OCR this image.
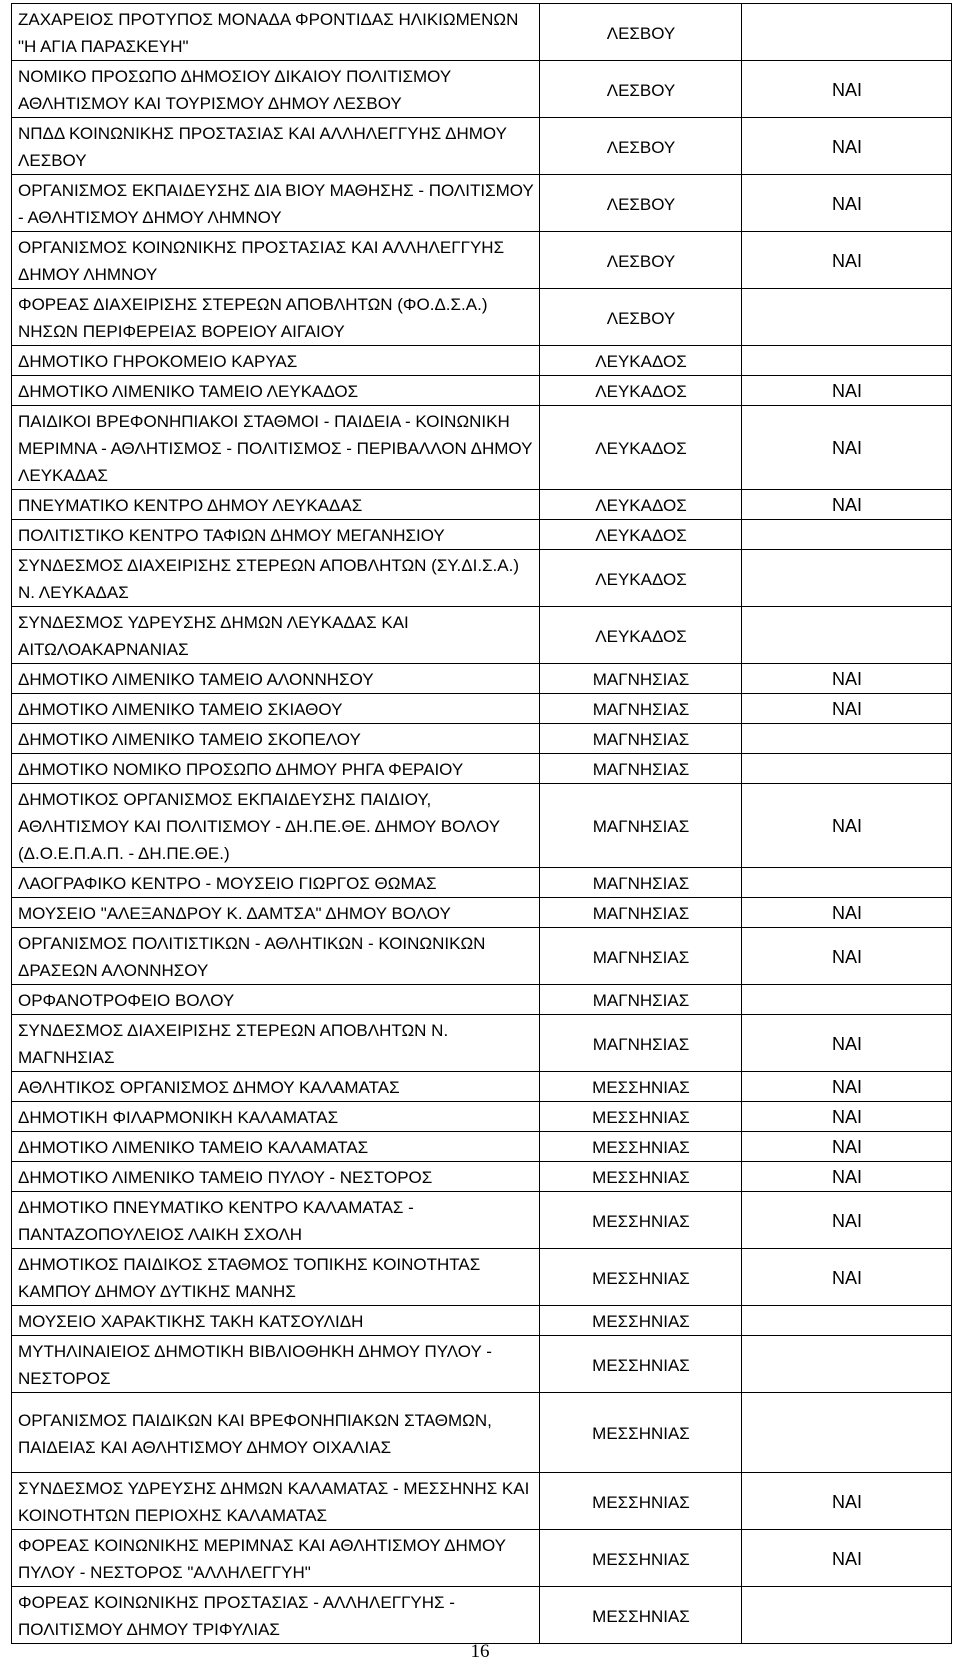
ΖΑΧΑΡΕΙΟΣ ΠΡΟΤΥΠΟΣ ΜΟΝΑΔΑ ΦΡΟΝΤΙΔΑΣ ΗΛΙΚΙΩΜΕΝΩΝ "Η ΑΓΙΑ ΠΑΡΑΣΚΕΥΗ"	ΛΕΣΒΟΥ	
ΝΟΜΙΚΟ ΠΡΟΣΩΠΟ ΔΗΜΟΣΙΟΥ ΔΙΚΑΙΟΥ ΠΟΛΙΤΙΣΜΟΥ ΑΘΛΗΤΙΣΜΟΥ ΚΑΙ ΤΟΥΡΙΣΜΟΥ ΔΗΜΟΥ ΛΕΣΒΟΥ	ΛΕΣΒΟΥ	ΝΑΙ
ΝΠΔΔ ΚΟΙΝΩΝΙΚΗΣ ΠΡΟΣΤΑΣΙΑΣ ΚΑΙ ΑΛΛΗΛΕΓΓΥΗΣ ΔΗΜΟΥ ΛΕΣΒΟΥ	ΛΕΣΒΟΥ	ΝΑΙ
ΟΡΓΑΝΙΣΜΟΣ ΕΚΠΑΙΔΕΥΣΗΣ ΔΙΑ ΒΙΟΥ ΜΑΘΗΣΗΣ - ΠΟΛΙΤΙΣΜΟΥ - ΑΘΛΗΤΙΣΜΟΥ ΔΗΜΟΥ ΛΗΜΝΟΥ	ΛΕΣΒΟΥ	ΝΑΙ
ΟΡΓΑΝΙΣΜΟΣ ΚΟΙΝΩΝΙΚΗΣ ΠΡΟΣΤΑΣΙΑΣ ΚΑΙ ΑΛΛΗΛΕΓΓΥΗΣ ΔΗΜΟΥ ΛΗΜΝΟΥ	ΛΕΣΒΟΥ	ΝΑΙ
ΦΟΡΕΑΣ ΔΙΑΧΕΙΡΙΣΗΣ ΣΤΕΡΕΩΝ ΑΠΟΒΛΗΤΩΝ (ΦΟ.Δ.Σ.Α.) ΝΗΣΩΝ ΠΕΡΙΦΕΡΕΙΑΣ ΒΟΡΕΙΟΥ ΑΙΓΑΙΟΥ	ΛΕΣΒΟΥ	
ΔΗΜΟΤΙΚΟ ΓΗΡΟΚΟΜΕΙΟ ΚΑΡΥΑΣ	ΛΕΥΚΑΔΟΣ	
ΔΗΜΟΤΙΚΟ ΛΙΜΕΝΙΚΟ ΤΑΜΕΙΟ ΛΕΥΚΑΔΟΣ	ΛΕΥΚΑΔΟΣ	ΝΑΙ
ΠΑΙΔΙΚΟΙ ΒΡΕΦΟΝΗΠΙΑΚΟΙ ΣΤΑΘΜΟΙ - ΠΑΙΔΕΙΑ - ΚΟΙΝΩΝΙΚΗ ΜΕΡΙΜΝΑ - ΑΘΛΗΤΙΣΜΟΣ - ΠΟΛΙΤΙΣΜΟΣ - ΠΕΡΙΒΑΛΛΟΝ ΔΗΜΟΥ ΛΕΥΚΑΔΑΣ	ΛΕΥΚΑΔΟΣ	ΝΑΙ
ΠΝΕΥΜΑΤΙΚΟ ΚΕΝΤΡΟ ΔΗΜΟΥ ΛΕΥΚΑΔΑΣ	ΛΕΥΚΑΔΟΣ	ΝΑΙ
ΠΟΛΙΤΙΣΤΙΚΟ ΚΕΝΤΡΟ ΤΑΦΙΩΝ ΔΗΜΟΥ ΜΕΓΑΝΗΣΙΟΥ	ΛΕΥΚΑΔΟΣ	
ΣΥΝΔΕΣΜΟΣ ΔΙΑΧΕΙΡΙΣΗΣ ΣΤΕΡΕΩΝ ΑΠΟΒΛΗΤΩΝ (ΣΥ.ΔΙ.Σ.Α.) Ν. ΛΕΥΚΑΔΑΣ	ΛΕΥΚΑΔΟΣ	
ΣΥΝΔΕΣΜΟΣ ΥΔΡΕΥΣΗΣ ΔΗΜΩΝ ΛΕΥΚΑΔΑΣ ΚΑΙ ΑΙΤΩΛΟΑΚΑΡΝΑΝΙΑΣ	ΛΕΥΚΑΔΟΣ	
ΔΗΜΟΤΙΚΟ ΛΙΜΕΝΙΚΟ ΤΑΜΕΙΟ ΑΛΟΝΝΗΣΟΥ	ΜΑΓΝΗΣΙΑΣ	ΝΑΙ
ΔΗΜΟΤΙΚΟ ΛΙΜΕΝΙΚΟ ΤΑΜΕΙΟ ΣΚΙΑΘΟΥ	ΜΑΓΝΗΣΙΑΣ	ΝΑΙ
ΔΗΜΟΤΙΚΟ ΛΙΜΕΝΙΚΟ ΤΑΜΕΙΟ ΣΚΟΠΕΛΟΥ	ΜΑΓΝΗΣΙΑΣ	
ΔΗΜΟΤΙΚΟ ΝΟΜΙΚΟ ΠΡΟΣΩΠΟ ΔΗΜΟΥ ΡΗΓΑ ΦΕΡΑΙΟΥ	ΜΑΓΝΗΣΙΑΣ	
ΔΗΜΟΤΙΚΟΣ ΟΡΓΑΝΙΣΜΟΣ ΕΚΠΑΙΔΕΥΣΗΣ ΠΑΙΔΙΟΥ, ΑΘΛΗΤΙΣΜΟΥ ΚΑΙ ΠΟΛΙΤΙΣΜΟΥ - ΔΗ.ΠΕ.ΘΕ. ΔΗΜΟΥ ΒΟΛΟΥ (Δ.Ο.Ε.Π.Α.Π. - ΔΗ.ΠΕ.ΘΕ.)	ΜΑΓΝΗΣΙΑΣ	ΝΑΙ
ΛΑΟΓΡΑΦΙΚΟ ΚΕΝΤΡΟ - ΜΟΥΣΕΙΟ ΓΙΩΡΓΟΣ ΘΩΜΑΣ	ΜΑΓΝΗΣΙΑΣ	
ΜΟΥΣΕΙΟ "ΑΛΕΞΑΝΔΡΟΥ Κ. ΔΑΜΤΣΑ" ΔΗΜΟΥ ΒΟΛΟΥ	ΜΑΓΝΗΣΙΑΣ	ΝΑΙ
ΟΡΓΑΝΙΣΜΟΣ ΠΟΛΙΤΙΣΤΙΚΩΝ - ΑΘΛΗΤΙΚΩΝ - ΚΟΙΝΩΝΙΚΩΝ ΔΡΑΣΕΩΝ ΑΛΟΝΝΗΣΟΥ	ΜΑΓΝΗΣΙΑΣ	ΝΑΙ
ΟΡΦΑΝΟΤΡΟΦΕΙΟ ΒΟΛΟΥ	ΜΑΓΝΗΣΙΑΣ	
ΣΥΝΔΕΣΜΟΣ ΔΙΑΧΕΙΡΙΣΗΣ ΣΤΕΡΕΩΝ ΑΠΟΒΛΗΤΩΝ Ν. ΜΑΓΝΗΣΙΑΣ	ΜΑΓΝΗΣΙΑΣ	ΝΑΙ
ΑΘΛΗΤΙΚΟΣ ΟΡΓΑΝΙΣΜΟΣ ΔΗΜΟΥ ΚΑΛΑΜΑΤΑΣ	ΜΕΣΣΗΝΙΑΣ	ΝΑΙ
ΔΗΜΟΤΙΚΗ ΦΙΛΑΡΜΟΝΙΚΗ ΚΑΛΑΜΑΤΑΣ	ΜΕΣΣΗΝΙΑΣ	ΝΑΙ
ΔΗΜΟΤΙΚΟ ΛΙΜΕΝΙΚΟ ΤΑΜΕΙΟ ΚΑΛΑΜΑΤΑΣ	ΜΕΣΣΗΝΙΑΣ	ΝΑΙ
ΔΗΜΟΤΙΚΟ ΛΙΜΕΝΙΚΟ ΤΑΜΕΙΟ ΠΥΛΟΥ - ΝΕΣΤΟΡΟΣ	ΜΕΣΣΗΝΙΑΣ	ΝΑΙ
ΔΗΜΟΤΙΚΟ ΠΝΕΥΜΑΤΙΚΟ ΚΕΝΤΡΟ ΚΑΛΑΜΑΤΑΣ - ΠΑΝΤΑΖΟΠΟΥΛΕΙΟΣ ΛΑΙΚΗ ΣΧΟΛΗ	ΜΕΣΣΗΝΙΑΣ	ΝΑΙ
ΔΗΜΟΤΙΚΟΣ ΠΑΙΔΙΚΟΣ ΣΤΑΘΜΟΣ ΤΟΠΙΚΗΣ ΚΟΙΝΟΤΗΤΑΣ ΚΑΜΠΟΥ ΔΗΜΟΥ ΔΥΤΙΚΗΣ ΜΑΝΗΣ	ΜΕΣΣΗΝΙΑΣ	ΝΑΙ
ΜΟΥΣΕΙΟ ΧΑΡΑΚΤΙΚΗΣ ΤΑΚΗ ΚΑΤΣΟΥΛΙΔΗ	ΜΕΣΣΗΝΙΑΣ	
ΜΥΤΗΛΙΝΑΙΕΙΟΣ ΔΗΜΟΤΙΚΗ ΒΙΒΛΙΟΘΗΚΗ ΔΗΜΟΥ ΠΥΛΟΥ - ΝΕΣΤΟΡΟΣ	ΜΕΣΣΗΝΙΑΣ	
ΟΡΓΑΝΙΣΜΟΣ ΠΑΙΔΙΚΩΝ ΚΑΙ ΒΡΕΦΟΝΗΠΙΑΚΩΝ ΣΤΑΘΜΩΝ, ΠΑΙΔΕΙΑΣ ΚΑΙ ΑΘΛΗΤΙΣΜΟΥ ΔΗΜΟΥ ΟΙΧΑΛΙΑΣ	ΜΕΣΣΗΝΙΑΣ	
ΣΥΝΔΕΣΜΟΣ ΥΔΡΕΥΣΗΣ ΔΗΜΩΝ ΚΑΛΑΜΑΤΑΣ - ΜΕΣΣΗΝΗΣ ΚΑΙ ΚΟΙΝΟΤΗΤΩΝ ΠΕΡΙΟΧΗΣ ΚΑΛΑΜΑΤΑΣ	ΜΕΣΣΗΝΙΑΣ	ΝΑΙ
ΦΟΡΕΑΣ ΚΟΙΝΩΝΙΚΗΣ ΜΕΡΙΜΝΑΣ ΚΑΙ ΑΘΛΗΤΙΣΜΟΥ ΔΗΜΟΥ ΠΥΛΟΥ - ΝΕΣΤΟΡΟΣ "ΑΛΛΗΛΕΓΓΥΗ"	ΜΕΣΣΗΝΙΑΣ	ΝΑΙ
ΦΟΡΕΑΣ ΚΟΙΝΩΝΙΚΗΣ ΠΡΟΣΤΑΣΙΑΣ - ΑΛΛΗΛΕΓΓΥΗΣ - ΠΟΛΙΤΙΣΜΟΥ ΔΗΜΟΥ ΤΡΙΦΥΛΙΑΣ	ΜΕΣΣΗΝΙΑΣ	
16
